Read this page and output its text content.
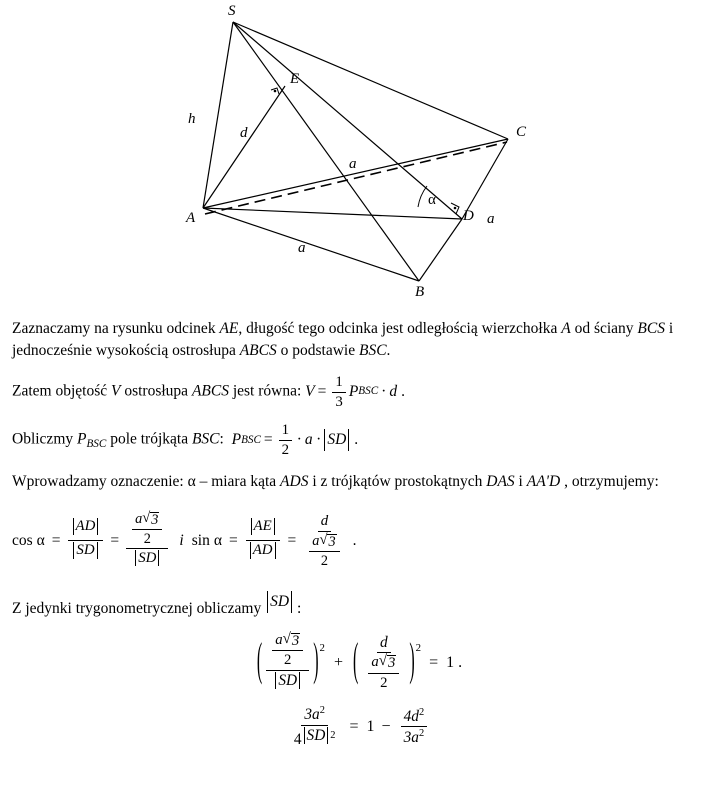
S
E
C
A	D
B
h
d
a
α
a
a

Zaznaczamy na rysunku odcinek AE, długość tego odcinka jest odległością wierzchołka A od ściany BCS i jednocześnie wysokością ostrosłupa ABCS o podstawie BSC.

Zatem objętość V ostrosłupa ABCS jest równa: $V = \frac{1}{3}$ P BSC · d .

Obliczmy $P_{BSC}$ pole trójkąta BSC: P BSC = $\frac{1}{2} \cdot a$ · SD .

Wprowadzamy oznaczenie: α – miara kąta ADS i z trójkątów prostokątnych DAS i AA'D , otrzymujemy:

$\cos \alpha = \frac{AD}{SD} = \frac{\frac{a √ 3}{2}}{SD}$ i $\sin \alpha = \frac{AE}{AD} = \frac{d}{\frac{a √ 3}{2}}$ .

Z jedynki trygonometrycznej obliczamy SD :

( $\frac{\frac{a √ 3}{2}}{SD}$ ) 2
+ ( $\frac{d}{\frac{a √ 3}{2}}$ ) 2
= 1 .
$\frac{3a^2}{4 SD ^2} = 1 - \frac{4d^2}{3a^2}$
